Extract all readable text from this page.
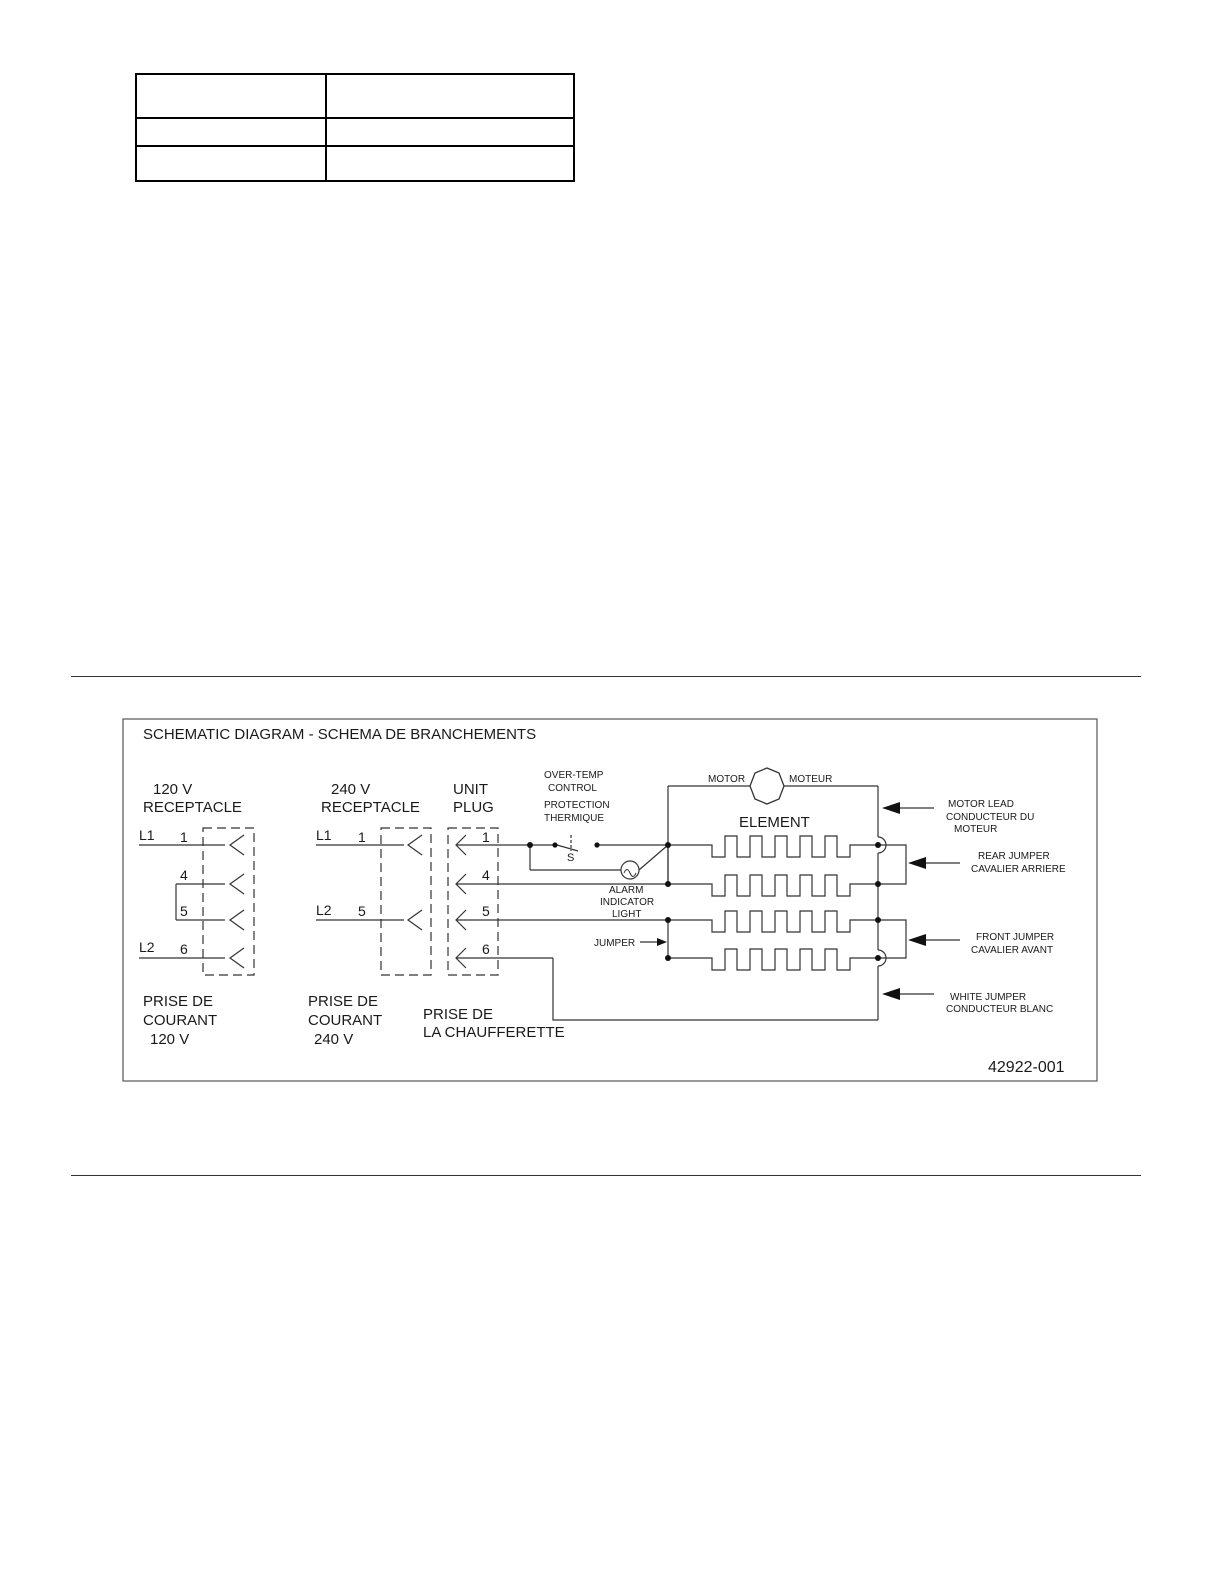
SCHEMATIC DIAGRAM - SCHEMA DE BRANCHEMENTS
120 V
RECEPTACLE
L1 1
4
5
L2 6
PRISE DE
COURANT
120 V
240 V
RECEPTACLE
L1 1
L2 5
PRISE DE
COURANT
240 V
UNIT
PLUG
1
4
5
6
PRISE DE
LA CHAUFFERETTE
S
OVER-TEMP
CONTROL
PROTECTION
THERMIQUE
ALARM
INDICATOR
LIGHT
JUMPER
MOTOR	MOTEUR
ELEMENT
MOTOR LEAD
CONDUCTEUR DU
MOTEUR
REAR JUMPER
CAVALIER ARRIERE
FRONT JUMPER
CAVALIER AVANT
WHITE JUMPER
CONDUCTEUR BLANC
42922-001
